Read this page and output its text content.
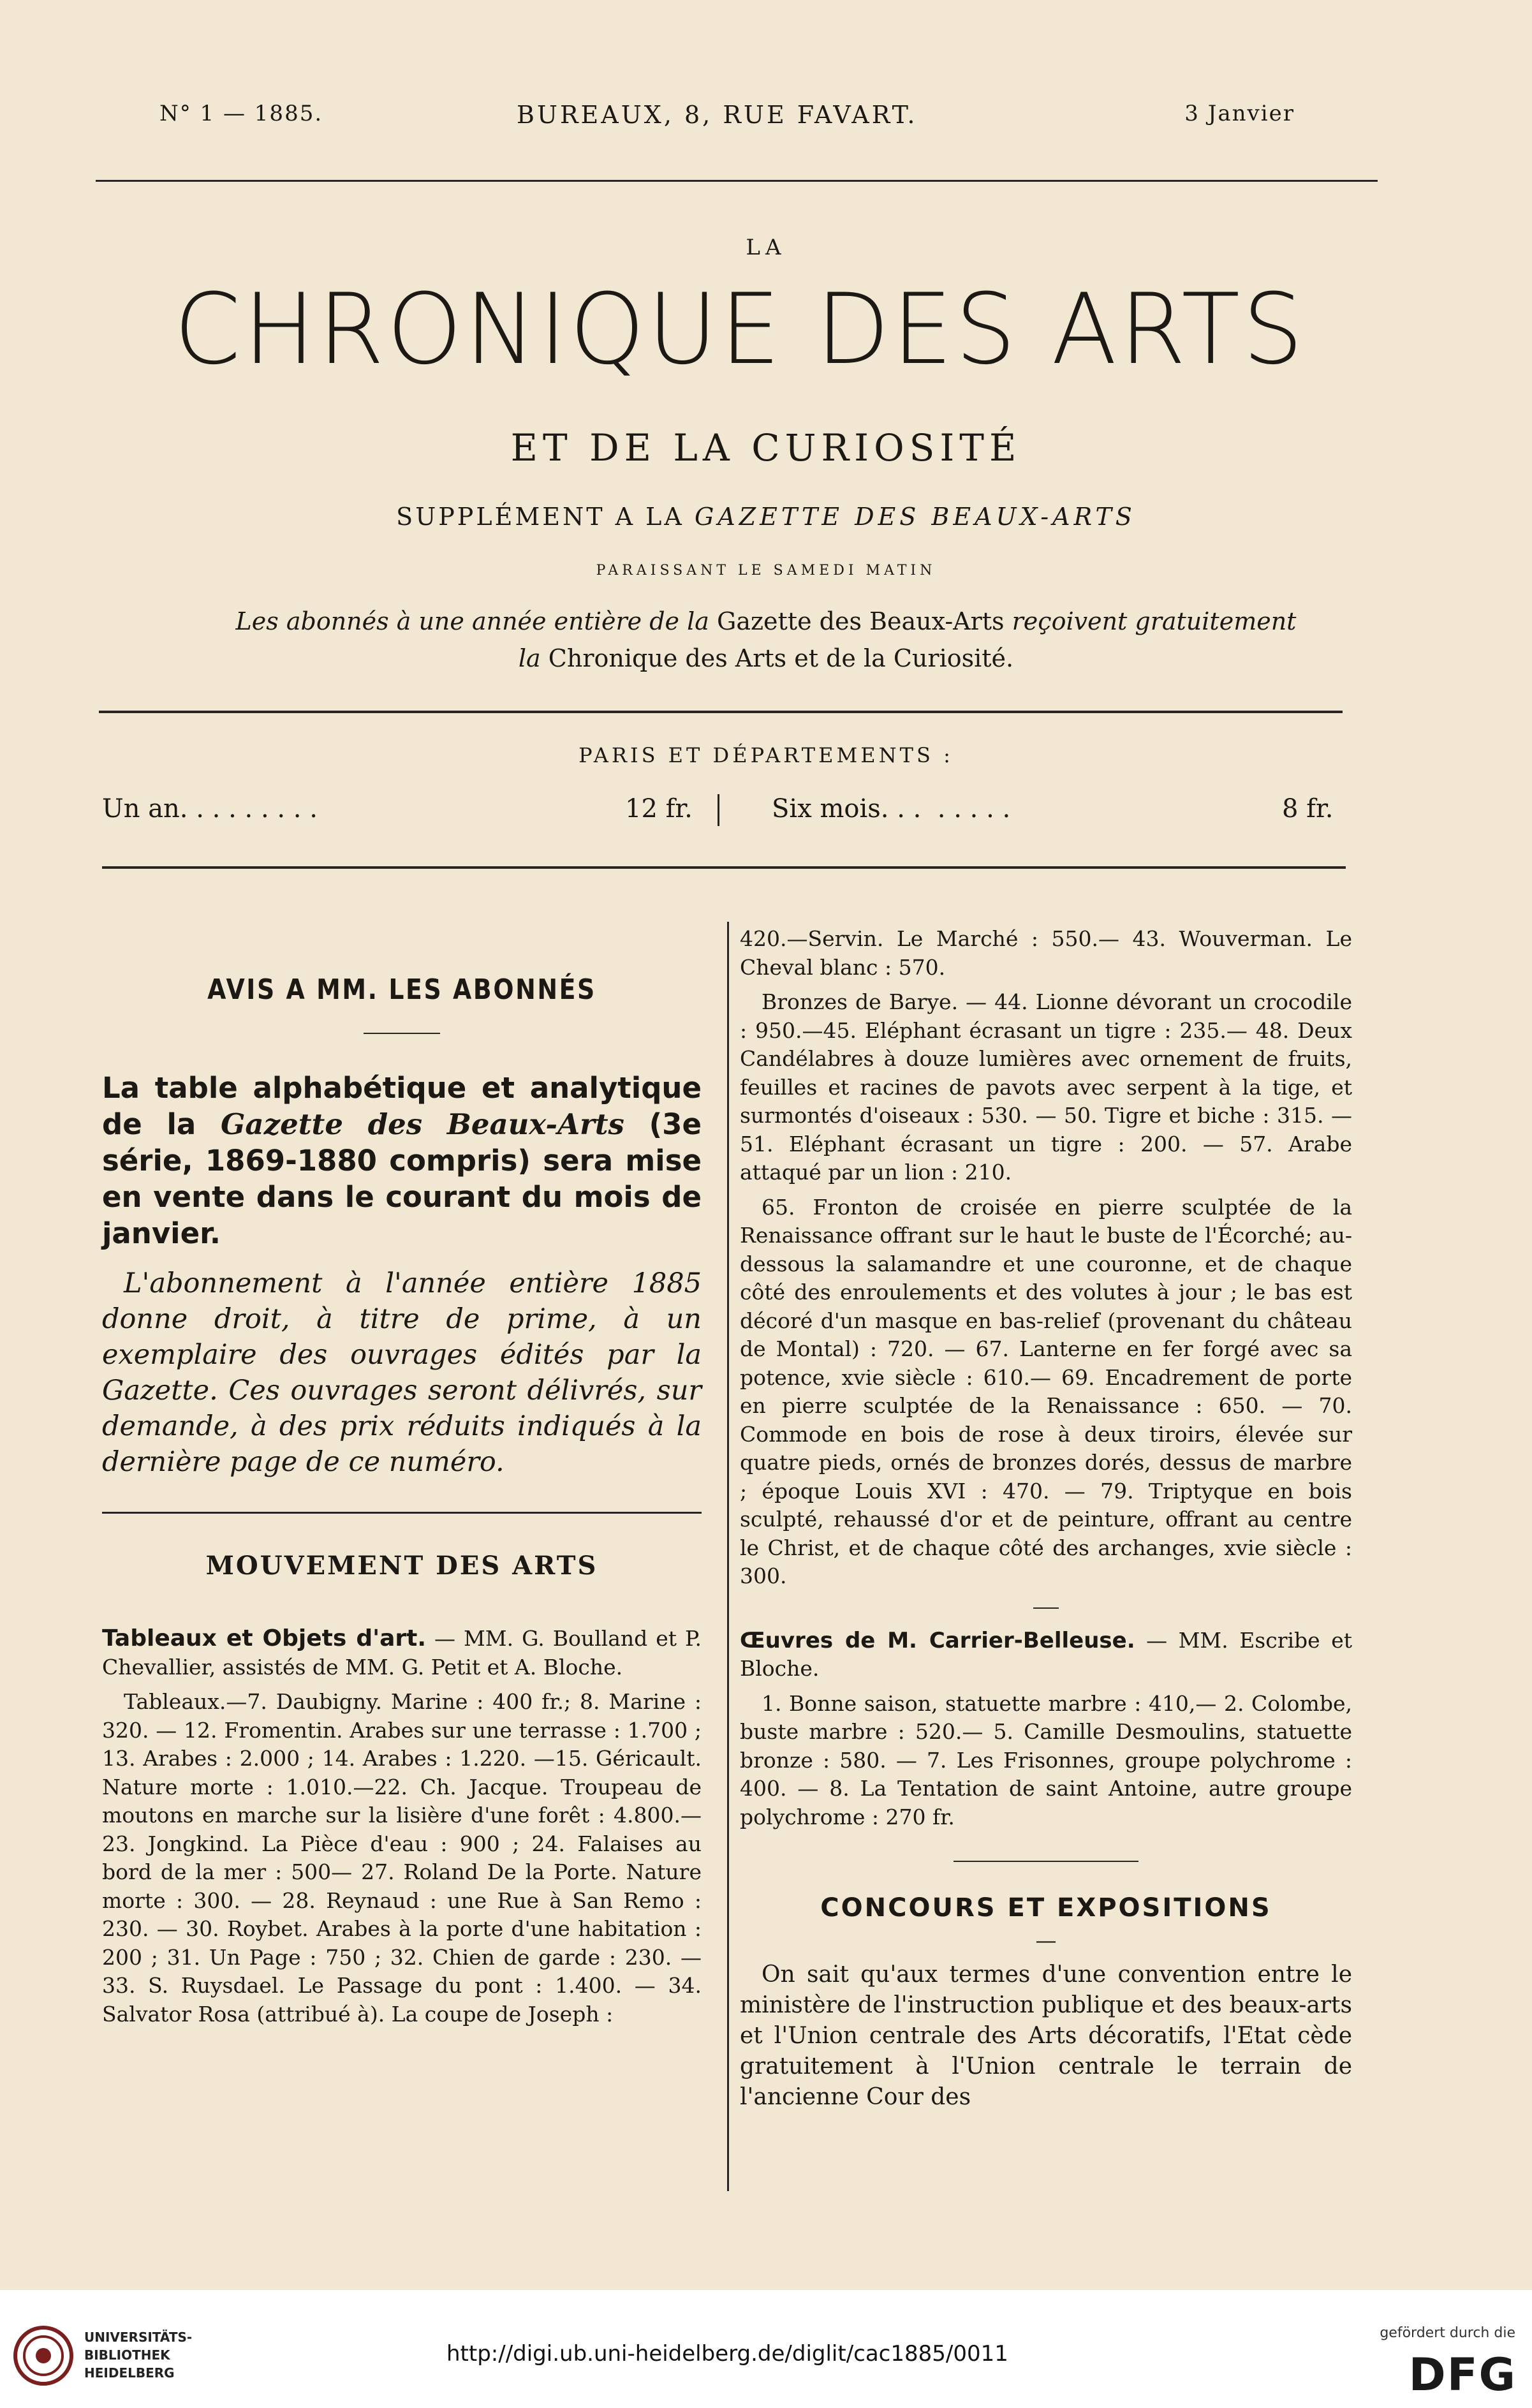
N° 1 — 1885.	BUREAUX, 8, RUE FAVART.	3 Janvier
LA
CHRONIQUE DES ARTS
ET DE LA CURIOSITÉ
SUPPLÉMENT A LA GAZETTE DES BEAUX-ARTS
PARAISSANT LE SAMEDI MATIN
Les abonnés à une année entière de la Gazette des Beaux-Arts reçoivent gratuitement
la Chronique des Arts et de la Curiosité.
PARIS ET DÉPARTEMENTS :
Un an. . . . . . . . .	12 fr.	Six mois. . .  . . . . .	8 fr.
AVIS A MM. LES ABONNÉS
La table alphabétique et analytique de la Gazette des Beaux-Arts (3e série, 1869-1880 compris) sera mise en vente dans le courant du mois de janvier.

L'abonnement à l'année entière 1885 donne droit, à titre de prime, à un exemplaire des ouvrages édités par la Gazette. Ces ouvrages seront délivrés, sur demande, à des prix réduits indiqués à la dernière page de ce numéro.

MOUVEMENT DES ARTS

Tableaux et Objets d'art. — MM. G. Boulland et P. Chevallier, assistés de MM. G. Petit et A. Bloche.

Tableaux.—7. Daubigny. Marine : 400 fr.; 8. Marine : 320. — 12. Fromentin. Arabes sur une terrasse : 1.700 ; 13. Arabes : 2.000 ; 14. Arabes : 1.220. —15. Géricault. Nature morte : 1.010.—22. Ch. Jacque. Troupeau de moutons en marche sur la lisière d'une forêt : 4.800.— 23. Jongkind. La Pièce d'eau : 900 ; 24. Falaises au bord de la mer : 500— 27. Roland De la Porte. Nature morte : 300. — 28. Reynaud : une Rue à San Remo : 230. — 30. Roybet. Arabes à la porte d'une habitation : 200 ; 31. Un Page : 750 ; 32. Chien de garde : 230. — 33. S. Ruysdael. Le Passage du pont : 1.400. — 34. Salvator Rosa (attribué à). La coupe de Joseph :

420.—Servin. Le Marché : 550.— 43. Wouverman. Le Cheval blanc : 570.

Bronzes de Barye. — 44. Lionne dévorant un crocodile : 950.—45. Eléphant écrasant un tigre : 235.— 48. Deux Candélabres à douze lumières avec ornement de fruits, feuilles et racines de pavots avec serpent à la tige, et surmontés d'oiseaux : 530. — 50. Tigre et biche : 315. — 51. Eléphant écrasant un tigre : 200. — 57. Arabe attaqué par un lion : 210.

65. Fronton de croisée en pierre sculptée de la Renaissance offrant sur le haut le buste de l'Écorché; au-dessous la salamandre et une couronne, et de chaque côté des enroulements et des volutes à jour ; le bas est décoré d'un masque en bas-relief (provenant du château de Montal) : 720. — 67. Lanterne en fer forgé avec sa potence, xvie siècle : 610.— 69. Encadrement de porte en pierre sculptée de la Renaissance : 650. — 70. Commode en bois de rose à deux tiroirs, élevée sur quatre pieds, ornés de bronzes dorés, dessus de marbre ; époque Louis XVI : 470. — 79. Triptyque en bois sculpté, rehaussé d'or et de peinture, offrant au centre le Christ, et de chaque côté des archanges, xvie siècle : 300.

Œuvres de M. Carrier-Belleuse. — MM. Escribe et Bloche.

1. Bonne saison, statuette marbre : 410,— 2. Colombe, buste marbre : 520.— 5. Camille Desmoulins, statuette bronze : 580. — 7. Les Frisonnes, groupe polychrome : 400. — 8. La Tentation de saint Antoine, autre groupe polychrome : 270 fr.

CONCOURS ET EXPOSITIONS
—

On sait qu'aux termes d'une convention entre le ministère de l'instruction publique et des beaux-arts et l'Union centrale des Arts décoratifs, l'Etat cède gratuitement à l'Union centrale le terrain de l'ancienne Cour des

UNIVERSITÄTS-
BIBLIOTHEK
HEIDELBERG
http://digi.ub.uni-heidelberg.de/diglit/cac1885/0011
gefördert durch die
DFG
